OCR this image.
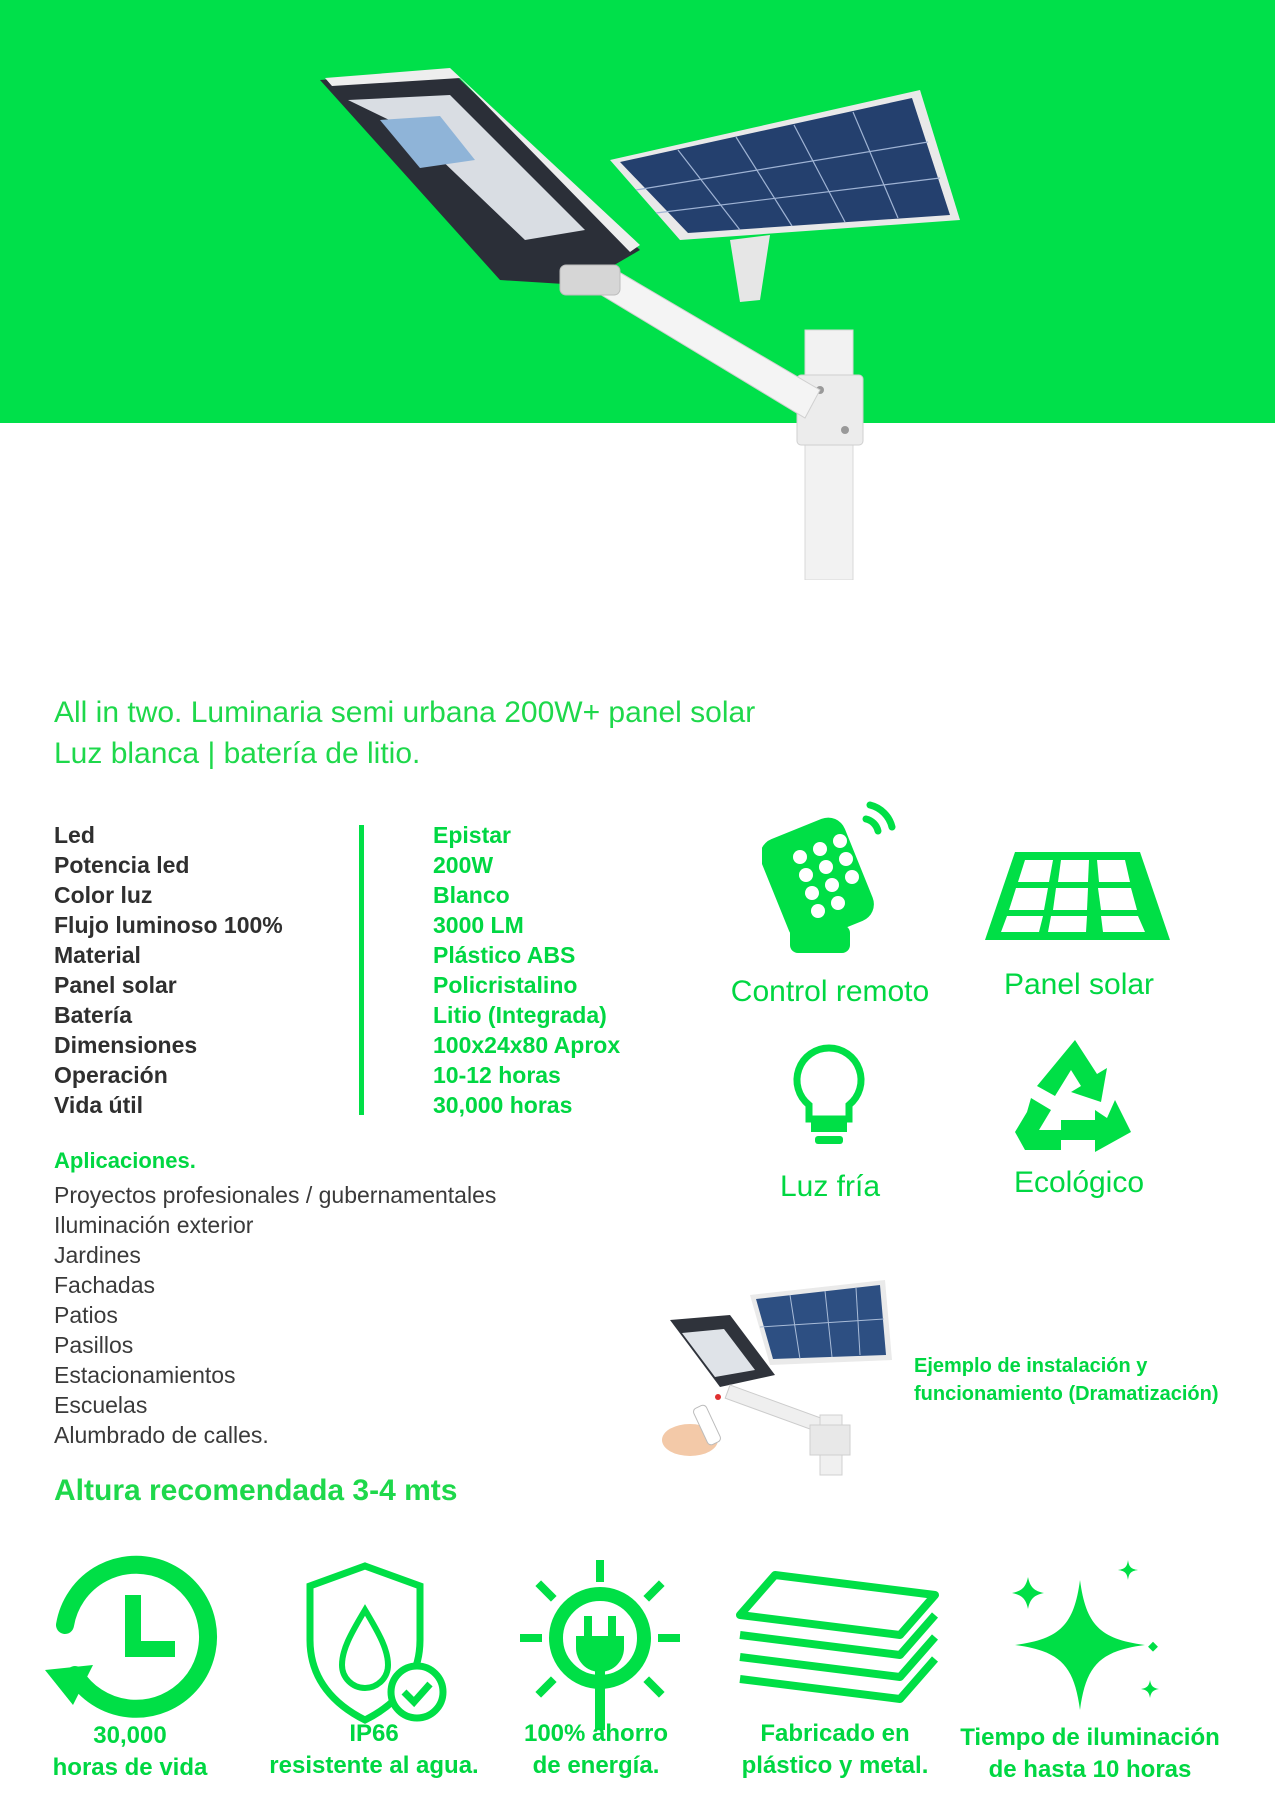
All in two. Luminaria semi urbana 200W+ panel solar
Luz blanca | batería de litio.
Led
Potencia led
Color luz
Flujo luminoso 100%
Material
Panel solar
Batería
Dimensiones
Operación
Vida útil
Epistar
200W
Blanco
3000 LM
Plástico ABS
Policristalino
Litio (Integrada)
100x24x80 Aprox
10-12 horas
30,000 horas
Aplicaciones.
Proyectos profesionales / gubernamentales
Iluminación exterior
Jardines
Fachadas
Patios
Pasillos
Estacionamientos
Escuelas
Alumbrado de calles.
Altura recomendada 3-4 mts
Control remoto	Panel solar
Luz fría	Ecológico
Ejemplo de instalación y
funcionamiento (Dramatización)
30,000
horas de vida
IP66
resistente al agua.
100% ahorro
de energía.
Fabricado en
plástico y metal.
Tiempo de iluminación
de hasta 10 horas
